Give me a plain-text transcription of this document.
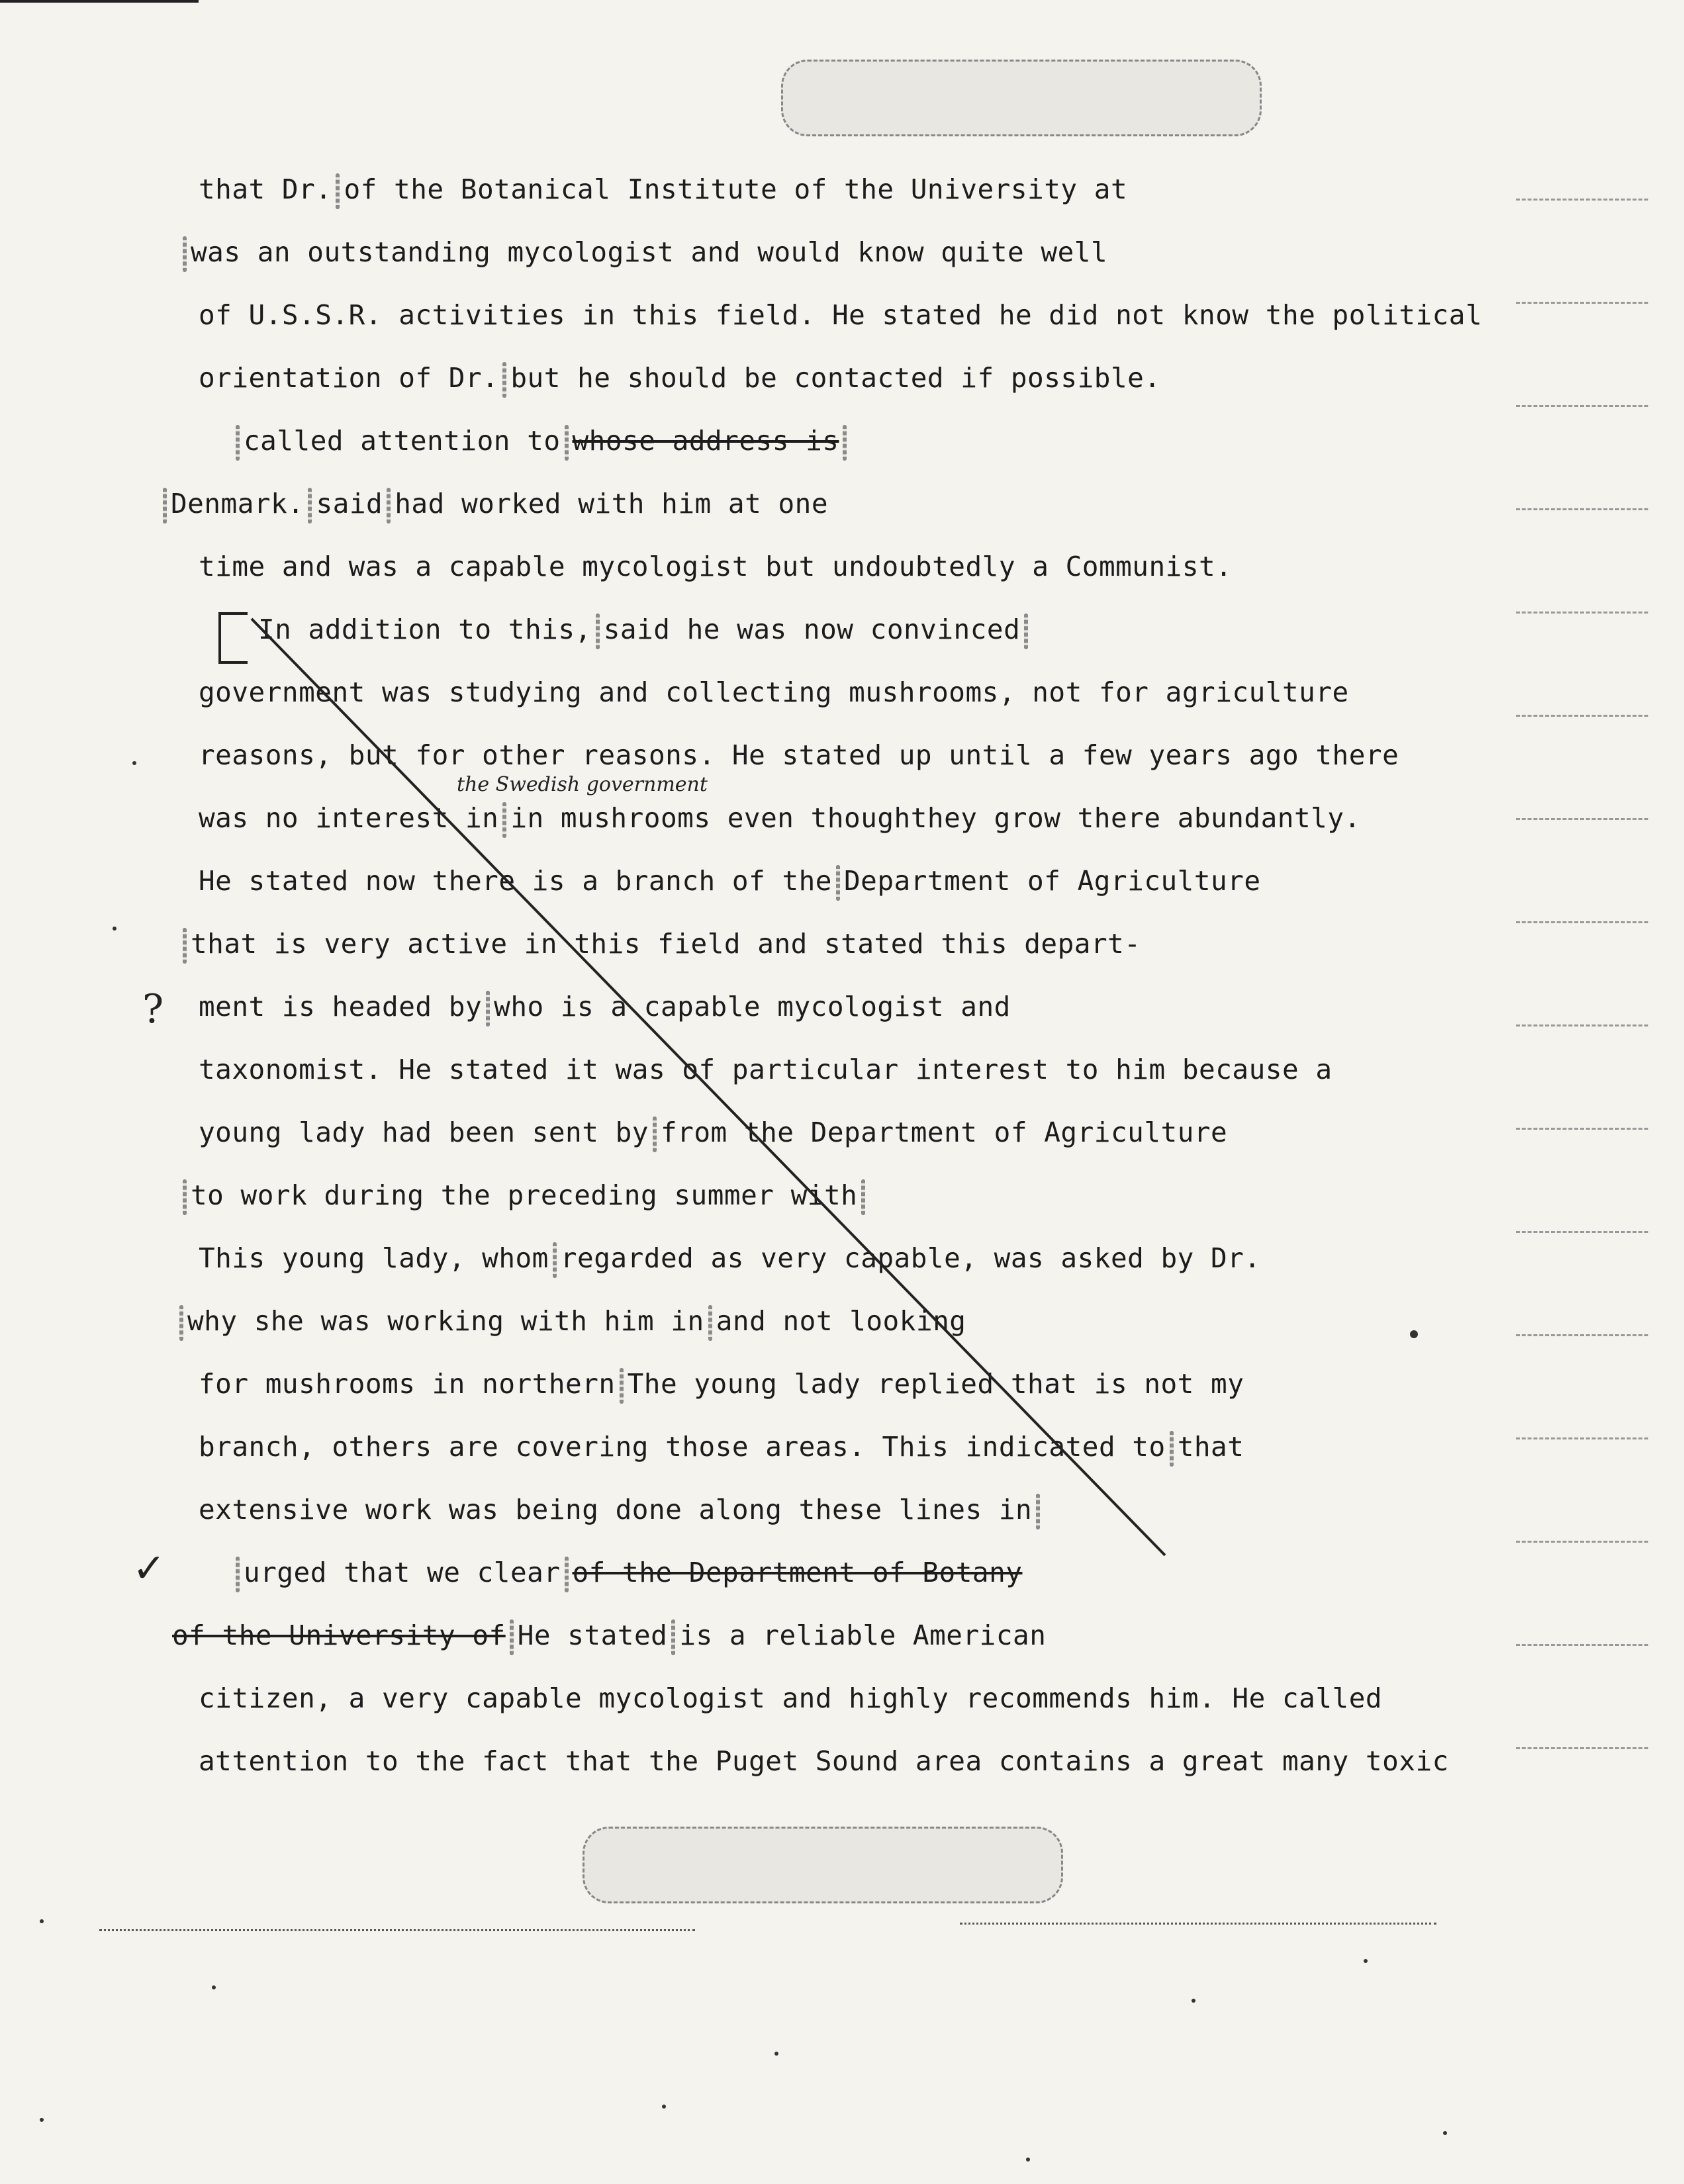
that Dr. of the Botanical Institute of the University at
was an outstanding mycologist and would know quite well
of U.S.S.R. activities in this field. He stated he did not know the political
orientation of Dr. but he should be contacted if possible.
called attention to whose address is
Denmark. said had worked with him at one
time and was a capable mycologist but undoubtedly a Communist.
In addition to this, said he was now convinced
government was studying and collecting mushrooms, not for agriculture
reasons, but for other reasons. He stated up until a few years ago there
was no interest in in mushrooms even thoughthey grow there abundantly.
He stated now there is a branch of the Department of Agriculture
that is very active in this field and stated this depart-
ment is headed by who is a capable mycologist and
taxonomist. He stated it was of particular interest to him because a
young lady had been sent by from the Department of Agriculture
to work during the preceding summer with
This young lady, whom regarded as very capable, was asked by Dr.
why she was working with him in and not looking
for mushrooms in northern The young lady replied that is not my
branch, others are covering those areas. This indicated to that
extensive work was being done along these lines in
urged that we clear of the Department of Botany
of the University of He stated is a reliable American
citizen, a very capable mycologist and highly recommends him. He called
attention to the fact that the Puget Sound area contains a great many toxic
the Swedish government
?
✓
